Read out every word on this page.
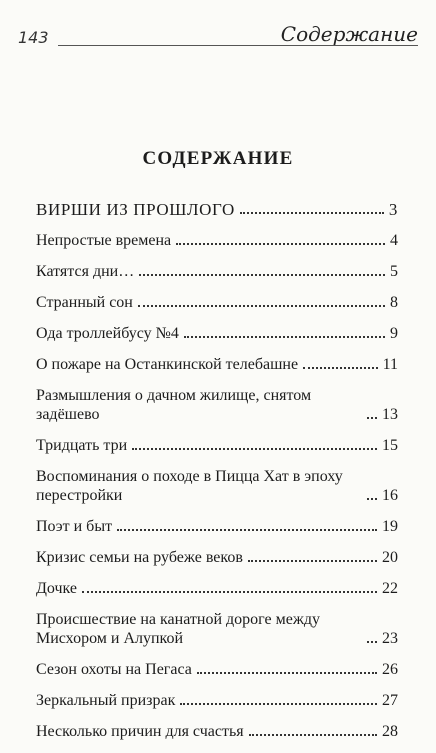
143	Содержание
СОДЕРЖАНИЕ
ВИРШИ ИЗ ПРОШЛОГО	3
Непростые времена	4
Катятся дни…	5
Странный сон	8
Ода троллейбусу №4	9
О пожаре на Останкинской телебашне	11
Размышления о дачном жилище, снятом задёшево	13
Тридцать три	15
Воспоминания о походе в Пицца Хат в эпоху перестройки	16
Поэт и быт	19
Кризис семьи на рубеже веков	20
Дочке	22
Происшествие на канатной дороге между Мисхором и Алупкой	23
Сезон охоты на Пегаса	26
Зеркальный призрак	27
Несколько причин для счастья	28
